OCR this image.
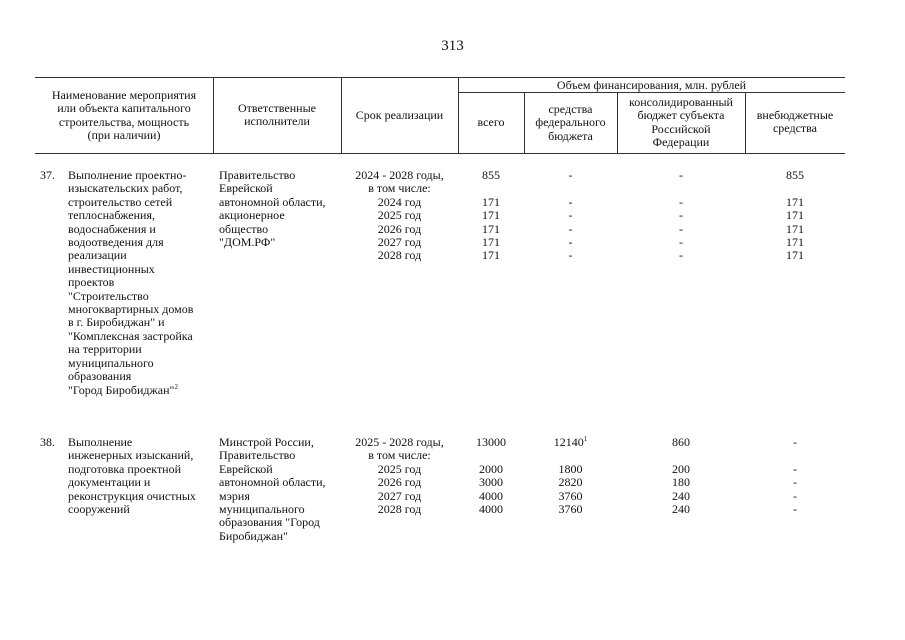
313
Наименование мероприятия
или объекта капитального
строительства, мощность
(при наличии)
Ответственные
исполнители	Срок реализации
Объем финансирования, млн. рублей
всего
средства
федерального
бюджета
консолидированный
бюджет субъекта
Российской
Федерации
внебюджетные
средства
37. Выполнение проектно-
изыскательских работ,
строительство сетей
теплоснабжения,
водоснабжения и
водоотведения для
реализации
инвестиционных
проектов
"Строительство
многоквартирных домов
в г. Биробиджан" и
"Комплексная застройка
на территории
муниципального
образования
"Город Биробиджан"$^2$
Правительство
Еврейской
автономной области,
акционерное
общество
"ДОМ.РФ"
2024 - 2028 годы,
в том числе:
2024 год
2025 год
2026 год
2027 год
2028 год
855

171
171
171
171
171
-

-
-
-
-
-
-

-
-
-
-
-
855

171
171
171
171
171
38. Выполнение
инженерных изысканий,
подготовка проектной
документации и
реконструкция очистных
сооружений
Минстрой России,
Правительство
Еврейской
автономной области,
мэрия
муниципального
образования "Город
Биробиджан"
2025 - 2028 годы,
в том числе:
2025 год
2026 год
2027 год
2028 год
13000

2000
3000
4000
4000
12140$^1$

1800
2820
3760
3760
860

200
180
240
240
-

-
-
-
-
